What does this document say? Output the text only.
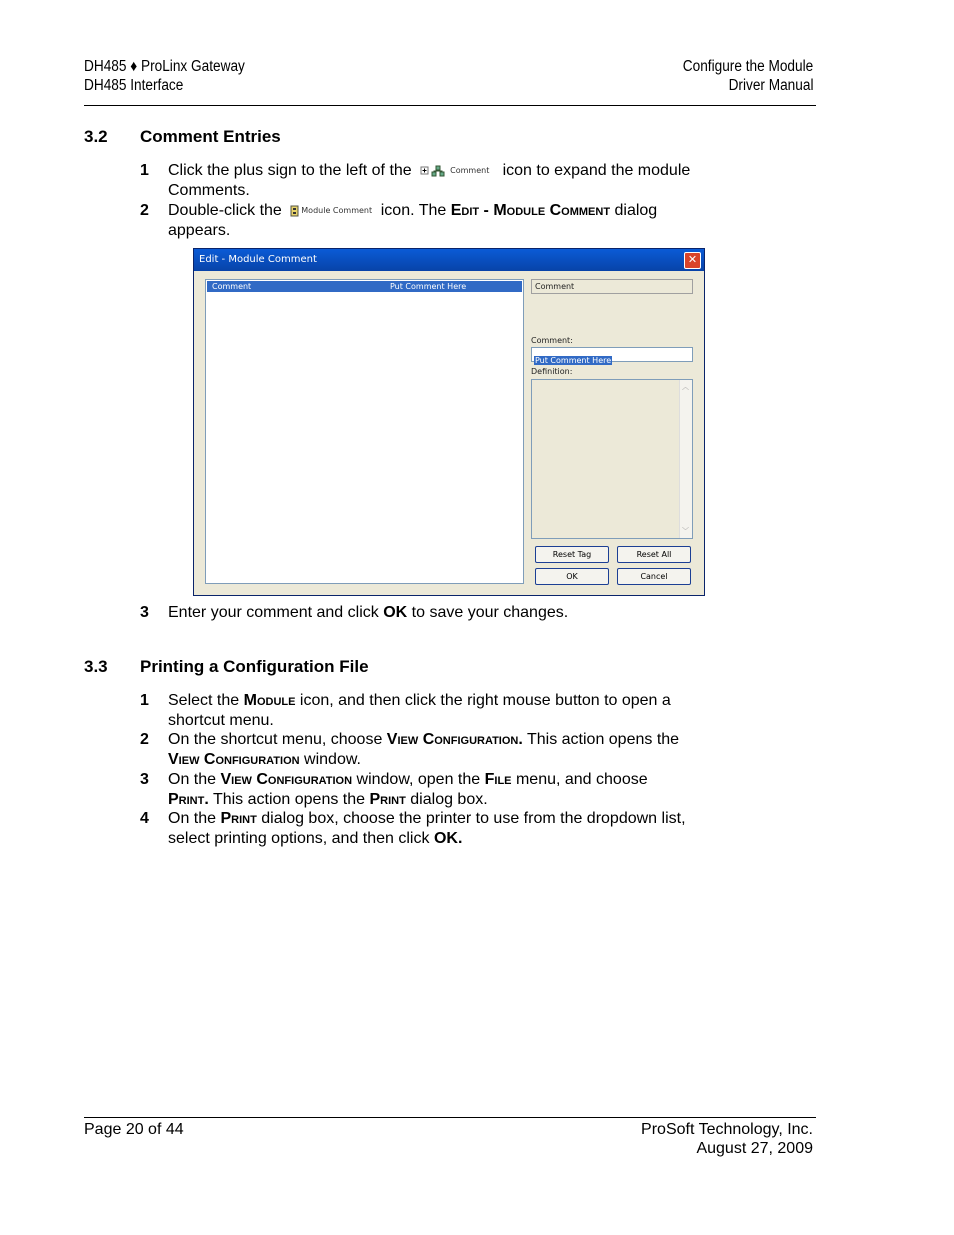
DH485 ♦ ProLinx Gateway
DH485 Interface
Configure the Module
Driver Manual
3.2 Comment Entries
1 Click the plus sign to the left of the	Comment icon to expand the module
Comments.
2 Double-click the Module Comment icon. The Edit - Module Comment dialog
appears.
Edit - Module Comment	✕
Comment	Put Comment Here	Comment
Comment:
Put Comment Here
Definition:
︿
﹀
Reset Tag	Reset All
OK	Cancel
3 Enter your comment and click OK to save your changes.
3.3 Printing a Configuration File
1 Select the Module icon, and then click the right mouse button to open a
shortcut menu.
2 On the shortcut menu, choose View Configuration. This action opens the
View Configuration window.
3 On the View Configuration window, open the File menu, and choose
Print. This action opens the Print dialog box.
4 On the Print dialog box, choose the printer to use from the dropdown list,
select printing options, and then click OK.
Page 20 of 44	ProSoft Technology, Inc.
August 27, 2009
